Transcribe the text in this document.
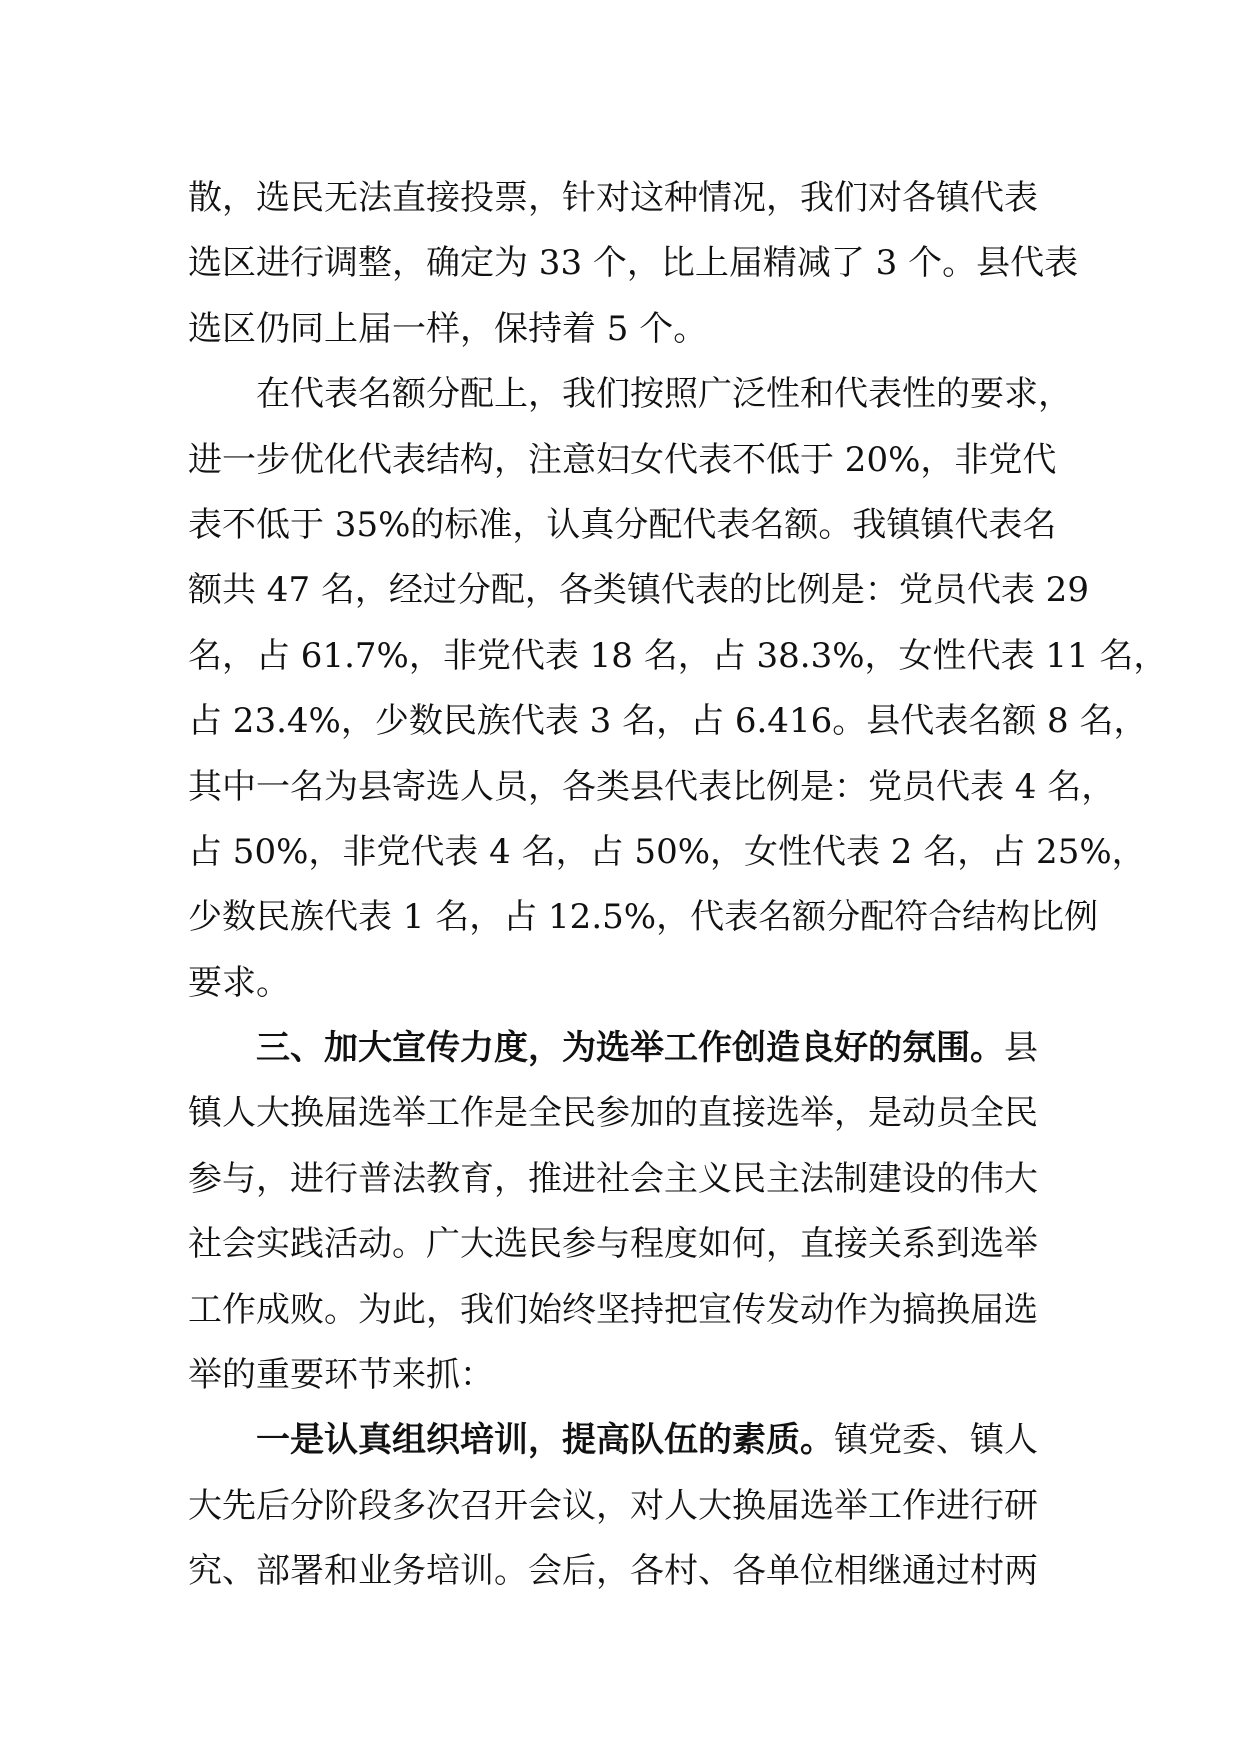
散，选民无法直接投票，针对这种情况，我们对各镇代表

选区进行调整，确定为 33 个，比上届精减了 3 个。县代表

选区仍同上届一样，保持着 5 个。

在代表名额分配上，我们按照广泛性和代表性的要求，

进一步优化代表结构，注意妇女代表不低于 20%，非党代

表不低于 35%的标准，认真分配代表名额。我镇镇代表名

额共 47 名，经过分配，各类镇代表的比例是：党员代表 29

名，占 61.7%，非党代表 18 名，占 38.3%，女性代表 11 名，

占 23.4%，少数民族代表 3 名，占 6.416。县代表名额 8 名，

其中一名为县寄选人员，各类县代表比例是：党员代表 4 名，

占 50%，非党代表 4 名，占 50%，女性代表 2 名，占 25%，

少数民族代表 1 名，占 12.5%，代表名额分配符合结构比例

要求。

三、加大宣传力度，为选举工作创造良好的氛围。县

镇人大换届选举工作是全民参加的直接选举，是动员全民

参与，进行普法教育，推进社会主义民主法制建设的伟大

社会实践活动。广大选民参与程度如何，直接关系到选举

工作成败。为此，我们始终坚持把宣传发动作为搞换届选

举的重要环节来抓：

一是认真组织培训，提高队伍的素质。镇党委、镇人

大先后分阶段多次召开会议，对人大换届选举工作进行研

究、部署和业务培训。会后，各村、各单位相继通过村两
